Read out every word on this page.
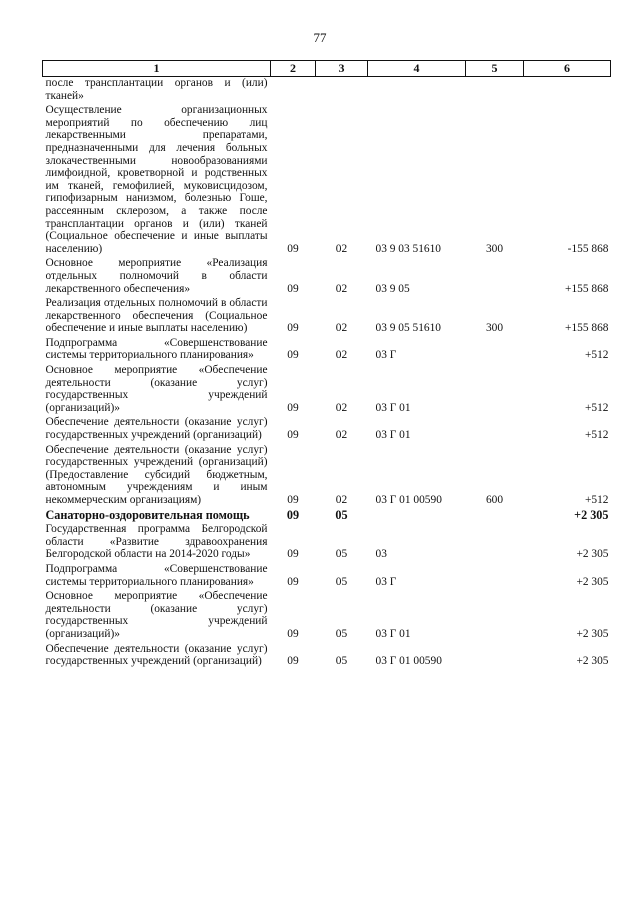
77
1	2	3	4	5	6
после трансплантации органов и (или) тканей»					
Осуществление организационных мероприятий по обеспечению лиц лекарственными препаратами, предназначенными для лечения больных злокачественными новообразованиями лимфоидной, кроветворной и родственных им тканей, гемофилией, муковисцидозом, гипофизарным нанизмом, болезнью Гоше, рассеянным склерозом, а также после трансплантации органов и (или) тканей (Социальное обеспечение и иные выплаты населению)	09	02	03 9 03 51610	300	-155 868
Основное мероприятие «Реализация отдельных полномочий в области лекарственного обеспечения»	09	02	03 9 05		+155 868
Реализация отдельных полномочий в области лекарственного обеспечения (Социальное обеспечение и иные выплаты населению)	09	02	03 9 05 51610	300	+155 868
Подпрограмма «Совершенствование системы территориального планирования»	09	02	03 Г		+512
Основное мероприятие «Обеспечение деятельности (оказание услуг) государственных учреждений (организаций)»	09	02	03 Г 01		+512
Обеспечение деятельности (оказание услуг) государственных учреждений (организаций)	09	02	03 Г 01		+512
Обеспечение деятельности (оказание услуг) государственных учреждений (организаций) (Предоставление субсидий бюджетным, автономным учреждениям и иным некоммерческим организациям)	09	02	03 Г 01 00590	600	+512
Санаторно-оздоровительная помощь	09	05			+2 305
Государственная программа Белгородской области «Развитие здравоохранения Белгородской области на 2014-2020 годы»	09	05	03		+2 305
Подпрограмма «Совершенствование системы территориального планирования»	09	05	03 Г		+2 305
Основное мероприятие «Обеспечение деятельности (оказание услуг) государственных учреждений (организаций)»	09	05	03 Г 01		+2 305
Обеспечение деятельности (оказание услуг) государственных учреждений (организаций)	09	05	03 Г 01 00590		+2 305
